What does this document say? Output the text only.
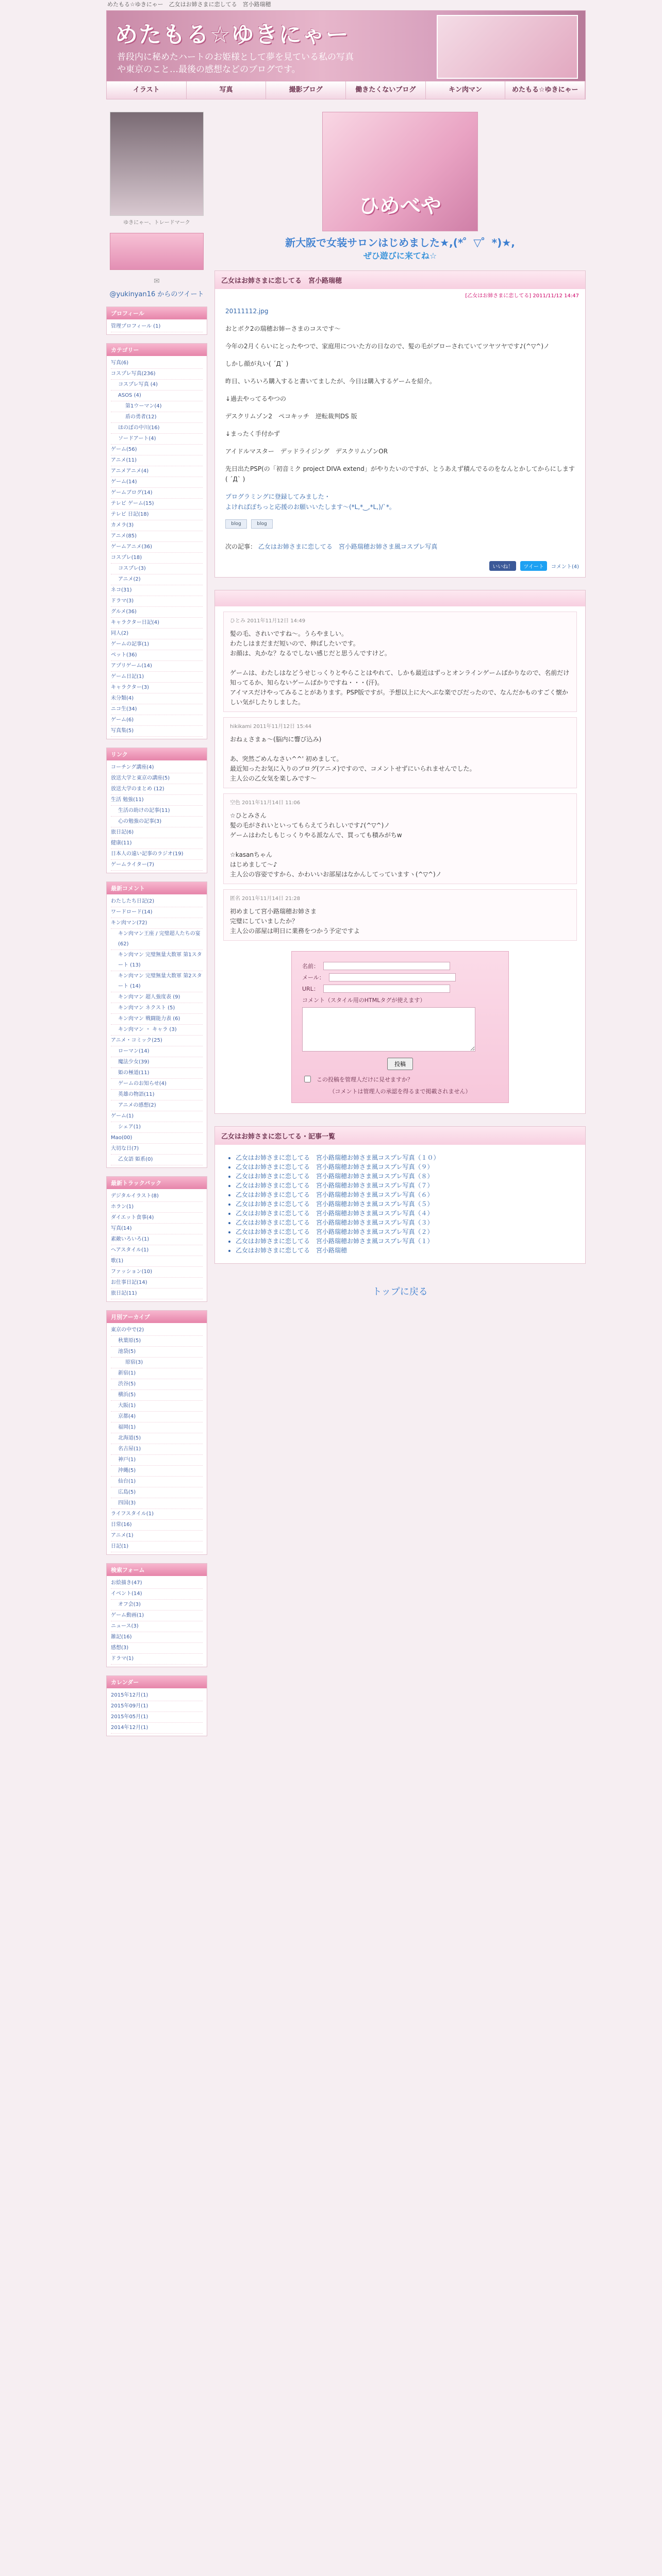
めたもる☆ゆきにゃー　乙女はお姉さまに恋してる　宮小路瑞穂
めたもる☆ゆきにゃー
普段内に秘めたハートのお姫様として夢を見ている私の写真や東京のこと…最後の感想などのブログです。
イラスト	写真	撮影ブログ	働きたくないブログ	キン肉マン	めたもる☆ゆきにゃー
ゆきにゃー、トレードマーク
✉
@yukinyan16 からのツイート
プロフィール
管理プロフィール (1)
カテゴリー
写真(6)
コスプレ写真(236)
コスプレ写真 (4)
ASOS (4)
第1ウーマン(4)
盾の勇者(12)
ほのぼの中川(16)
ソードアート(4)
ゲーム(56)
アニメ(11)
アニメアニメ(4)
ゲーム(14)
ゲームブログ(14)
テレビ ゲーム(15)
テレビ 日記(18)
カメラ(3)
アニメ(85)
ゲームアニメ(36)
コスプレ(18)
コスプレ(3)
アニメ(2)
ネコ(31)
ドラマ(3)
グルメ(36)
キャラクター日記(4)
同人(2)
ゲームの記事(1)
ペット(36)
アプリゲーム(14)
ゲーム日記(1)
キャラクター(3)
未分類(4)
ニコ生(34)
ゲーム(6)
写真集(5)
リンク
コーチング講座(4)
放送大学と東京の講座(5)
放送大学のまとめ (12)
生活 勉強(11)
生活の助けの記事(11)
心の勉強の記事(3)
旅日記(6)
健康(11)
日本人の遠い記事のラジオ(19)
ゲームライター(7)
最新コメント
わたしたち日記(2)
ワードロード(14)
キン肉マン(72)
キン肉マン王座 / 完璧超人たちの宴 (62)
キン肉マン 完璧無量大数軍 第1スタート (13)
キン肉マン 完璧無量大数軍 第2スタート (14)
キン肉マン 超人強度表 (9)
キン肉マン ネクスト (5)
キン肉マン 戦闘能力表 (6)
キン肉マン ・ キャラ (3)
アニメ・コミック(25)
ローマン(14)
魔法少女(39)
姫の極道(11)
ゲームのお知らせ(4)
英雄の物語(11)
アニメの感想(2)
ゲーム(1)
シェア(1)
Mao(00)
大切な日(7)
乙女語 姫系(0)
最新トラックバック
デジタルイラスト(8)
ホラン(1)
ダイエット食事(4)
写真(14)
素敵いろいろ(1)
ヘアスタイル(1)
歌(1)
ファッション(10)
お仕事日記(14)
旅日記(11)
月別アーカイブ
東京の中で(2)
秋葉原(5)
池袋(5)
原宿(3)
新宿(1)
渋谷(5)
横浜(5)
大阪(1)
京都(4)
福岡(1)
北海道(5)
名古屋(1)
神戸(1)
沖縄(5)
仙台(1)
広島(5)
四国(3)
ライフスタイル(1)
日常(16)
アニメ(1)
日記(1)
検索フォーム
お絵描き(47)
イベント(14)
オフ会(3)
ゲーム動画(1)
ニュース(3)
雑記(16)
感想(3)
ドラマ(1)
カレンダー
2015年12月(1)
2015年09月(1)
2015年05月(1)
2014年12月(1)
ひめべや
新大阪で女装サロンはじめました★,(*゜▽゜*)★,
ぜひ遊びに来てね☆
乙女はお姉さまに恋してる　宮小路瑞穂
[乙女はお姉さまに恋してる] 2011/11/12 14:47

20111112.jpg

おとボク2の瑞穂お姉ーさまのコスです～

今年の2月くらいにとったやつで、家庭用についた方の日なので、髪の毛がブローされていてツヤツヤです♪(^▽^)ノ

しかし顔が丸い( ´Д` )

昨日、いろいろ購入すると書いてましたが、今日は購入するゲームを紹介。

↓過去やってるやつの

デスクリムゾン2　ペコキッチ　逆転裁判DS 版

↓まったく手付かず

アイドルマスター　デッドライジング　デスクリムゾンOR

先日出たPSP(の「初音ミク project DIVA extend」がやりたいのですが、とうあえず積んでるのをなんとかしてからにします( ´Д` )

プログラミングに登録してみました・
よければぽちっと応援のお願いいたします～(*L,*‿,*L,)/`*。

blog	blog
次の記事： 乙女はお姉さまに恋してる　宮小路瑞穂お姉さま風コスプレ写真
いいね！	ツイート	コメント(4)

ひとみ 2011年11月12日 14:49
髪の毛、されいですね〜。うらやましい。
わたしはまだまだ短いので、伸ばしたいです。
お顔は、丸かな？なるでしない感じだと思うんですけど。

ゲームは、わたしはなどうせじっくりとやらことはやれて、しかも最近はずっとオンラインゲームばかりなので、名前だけ知ってるか、知らないゲームばかりですね・・・(汗)。
アイマスだけやってみることがあります。PSP版ですが。予想以上に大へぶな楽でびだったので、なんだかものすごく懐かしい気がしたりしました。
hikikami 2011年11月12日 15:44
おねぇさまぁ〜(脳内に響び込み)

あ、突然ごめんなさい^^' 初めまして。
最近知ったお気に入りのブログ(アニメ)ですので、コメントせずにいられませんでした。
主人公の乙女気を楽しみです～
空色 2011年11月14日 11:06
☆ひとみさん
髪の毛がされいといってもらえてうれしいです♪(^▽^)ノ
ゲームはわたしもじっくりやる派なんで、買っても積みがちw

☆kasanちゃん
はじめまして～♪
主人公の容姿ですから、かわいいお部屋はなかんしてっていますヽ(^▽^)ノ
匿名 2011年11月14日 21:28
初めまして宮小路瑞穂お姉さま
完璧にしていましたか？
主人公の部屋は明日に業務をつかう予定ですよ
名前：
メール：
URL：
コメント（スタイル用のHTMLタグが使えます）
投稿
この投稿を管理人だけに見せますか？
（コメントは管理人の承認を得るまで掲載されません）
乙女はお姉さまに恋してる・記事一覧
• 乙女はお姉さまに恋してる　宮小路瑞穂お姉さま風コスプレ写真（１０）
• 乙女はお姉さまに恋してる　宮小路瑞穂お姉さま風コスプレ写真（９）
• 乙女はお姉さまに恋してる　宮小路瑞穂お姉さま風コスプレ写真（８）
• 乙女はお姉さまに恋してる　宮小路瑞穂お姉さま風コスプレ写真（７）
• 乙女はお姉さまに恋してる　宮小路瑞穂お姉さま風コスプレ写真（６）
• 乙女はお姉さまに恋してる　宮小路瑞穂お姉さま風コスプレ写真（５）
• 乙女はお姉さまに恋してる　宮小路瑞穂お姉さま風コスプレ写真（４）
• 乙女はお姉さまに恋してる　宮小路瑞穂お姉さま風コスプレ写真（３）
• 乙女はお姉さまに恋してる　宮小路瑞穂お姉さま風コスプレ写真（２）
• 乙女はお姉さまに恋してる　宮小路瑞穂お姉さま風コスプレ写真（１）
• 乙女はお姉さまに恋してる　宮小路瑞穂
トップに戻る
